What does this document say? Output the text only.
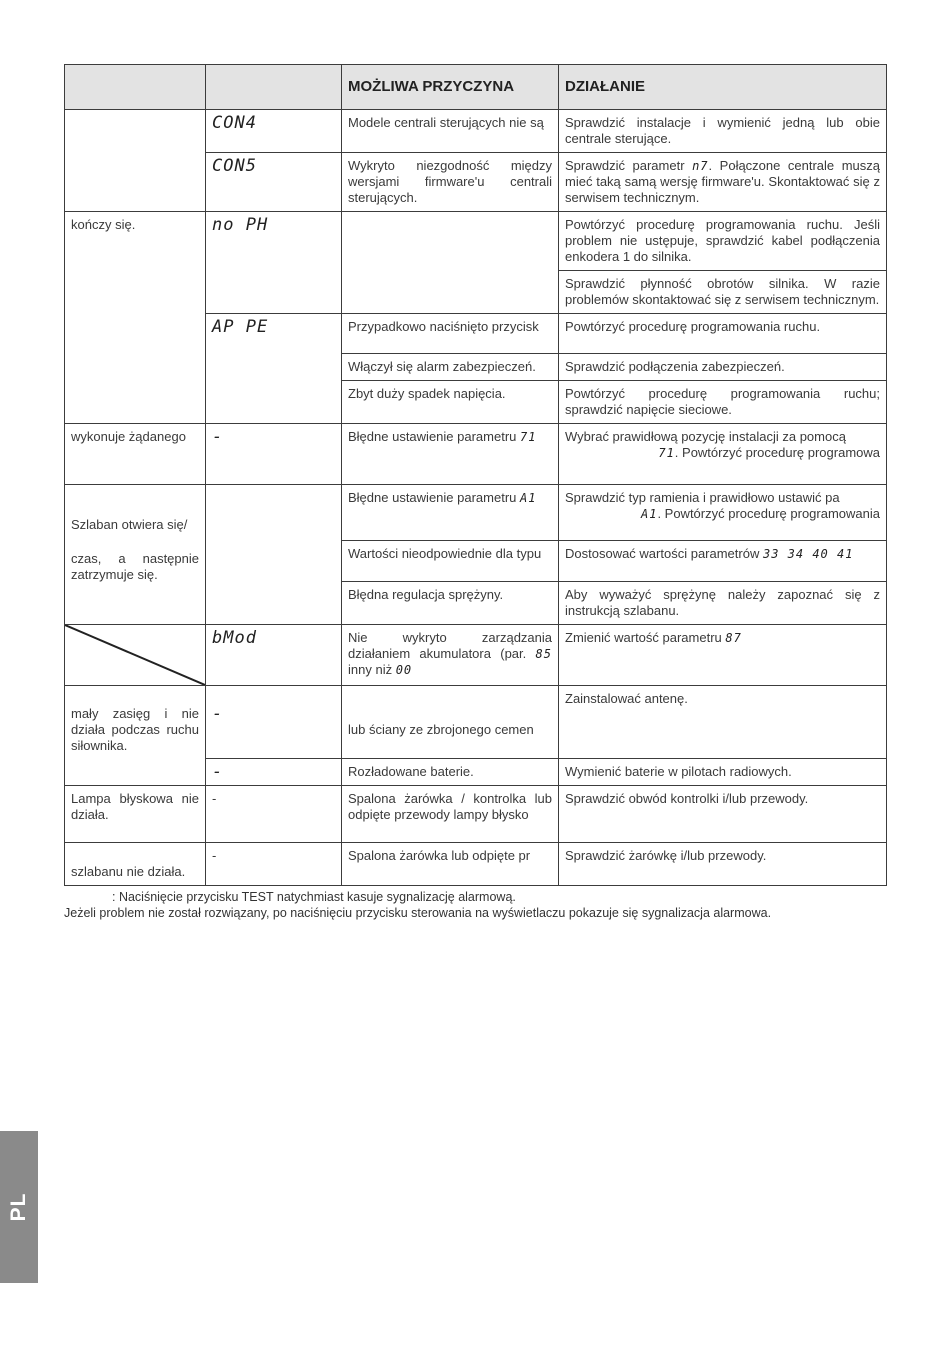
		MOŻLIWA PRZYCZYNA	DZIAŁANIE
	CON4	Modele centrali sterujących nie są	Sprawdzić instalacje i wymienić jedną lub obie centrale sterujące.
	CON5	Wykryto niezgodność między wersjami firmware'u centrali sterujących.	Sprawdzić parametr n7. Połączone centrale muszą mieć taką samą wersję firmware'u. Skontaktować się z serwisem technicznym.
kończy się.	no PH		Powtórzyć procedurę programowania ruchu. Jeśli problem nie ustępuje, sprawdzić kabel podłączenia enkodera 1 do silnika.
			Sprawdzić płynność obrotów silnika. W razie problemów skontaktować się z serwisem technicznym.
	AP PE	Przypadkowo naciśnięto przycisk	Powtórzyć procedurę programowania ruchu.
		Włączył się alarm zabezpieczeń.	Sprawdzić podłączenia zabezpieczeń.
		Zbyt duży spadek napięcia.	Powtórzyć procedurę programowania ruchu; sprawdzić napięcie sieciowe.
wykonuje żądanego	-	Błędne ustawienie parametru 71	Wybrać prawidłową pozycję instalacji za pomocą
71. Powtórzyć procedurę programowa

Szlaban otwiera się/
czas, a następnie zatrzymuje się.		Błędne ustawienie parametru A1	Sprawdzić typ ramienia i prawidłowo ustawić pa
A1. Powtórzyć procedurę programowania

		Wartości nieodpowiednie dla typu	Dostosować wartości parametrów 33 34 40 41
		Błędna regulacja sprężyny.	Aby wyważyć sprężynę należy zapoznać się z instrukcją szlabanu.

	bMod	Nie wykryto zarządzania działaniem akumulatora (par. 85 inny niż 00	Zmienić wartość parametru 87
mały zasięg i nie działa podczas ruchu siłownika.	-	lub ściany ze zbrojonego cemen	Zainstalować antenę.
	-	Rozładowane baterie.	Wymienić baterie w pilotach radiowych.
Lampa błyskowa nie działa.	-	Spalona żarówka / kontrolka lub odpięte przewody lampy błysko	Sprawdzić obwód kontrolki i/lub przewody.
szlabanu nie działa.	-	Spalona żarówka lub odpięte pr	Sprawdzić żarówkę i/lub przewody.
: Naciśnięcie przycisku TEST natychmiast kasuje sygnalizację alarmową.
Jeżeli problem nie został rozwiązany, po naciśnięciu przycisku sterowania na wyświetlaczu pokazuje się sygnalizacja alarmowa.
PL
